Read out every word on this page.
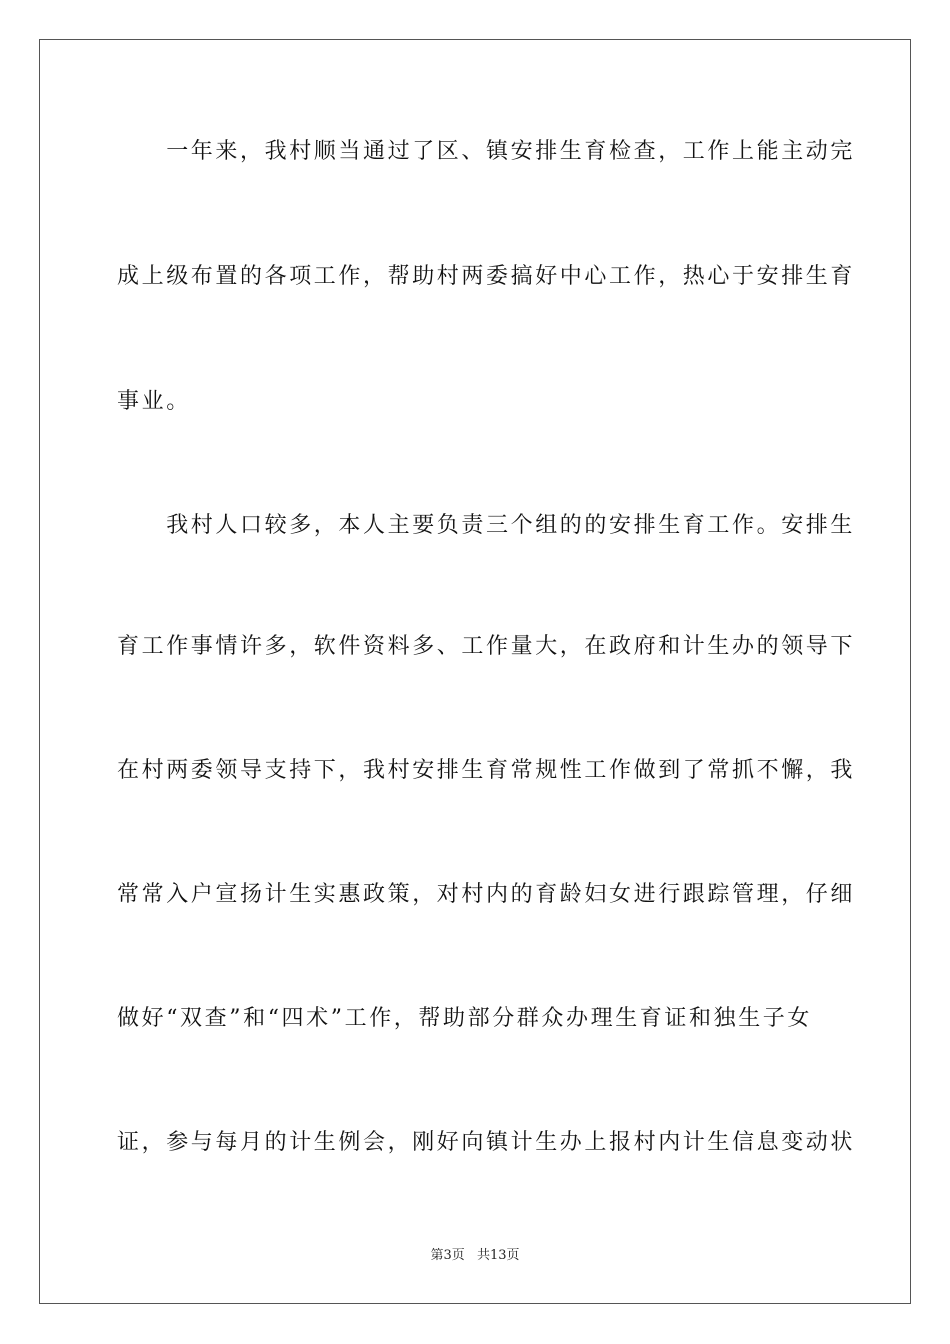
　　一年来，我村顺当通过了区、镇安排生育检查，工作上能主动完
成上级布置的各项工作，帮助村两委搞好中心工作，热心于安排生育
事业。
　　我村人口较多，本人主要负责三个组的的安排生育工作。安排生
育工作事情许多，软件资料多、工作量大，在政府和计生办的领导下
在村两委领导支持下，我村安排生育常规性工作做到了常抓不懈，我
常常入户宣扬计生实惠政策，对村内的育龄妇女进行跟踪管理，仔细
做好“双查”和“四术”工作，帮助部分群众办理生育证和独生子女
证，参与每月的计生例会，刚好向镇计生办上报村内计生信息变动状
第3页 共13页
